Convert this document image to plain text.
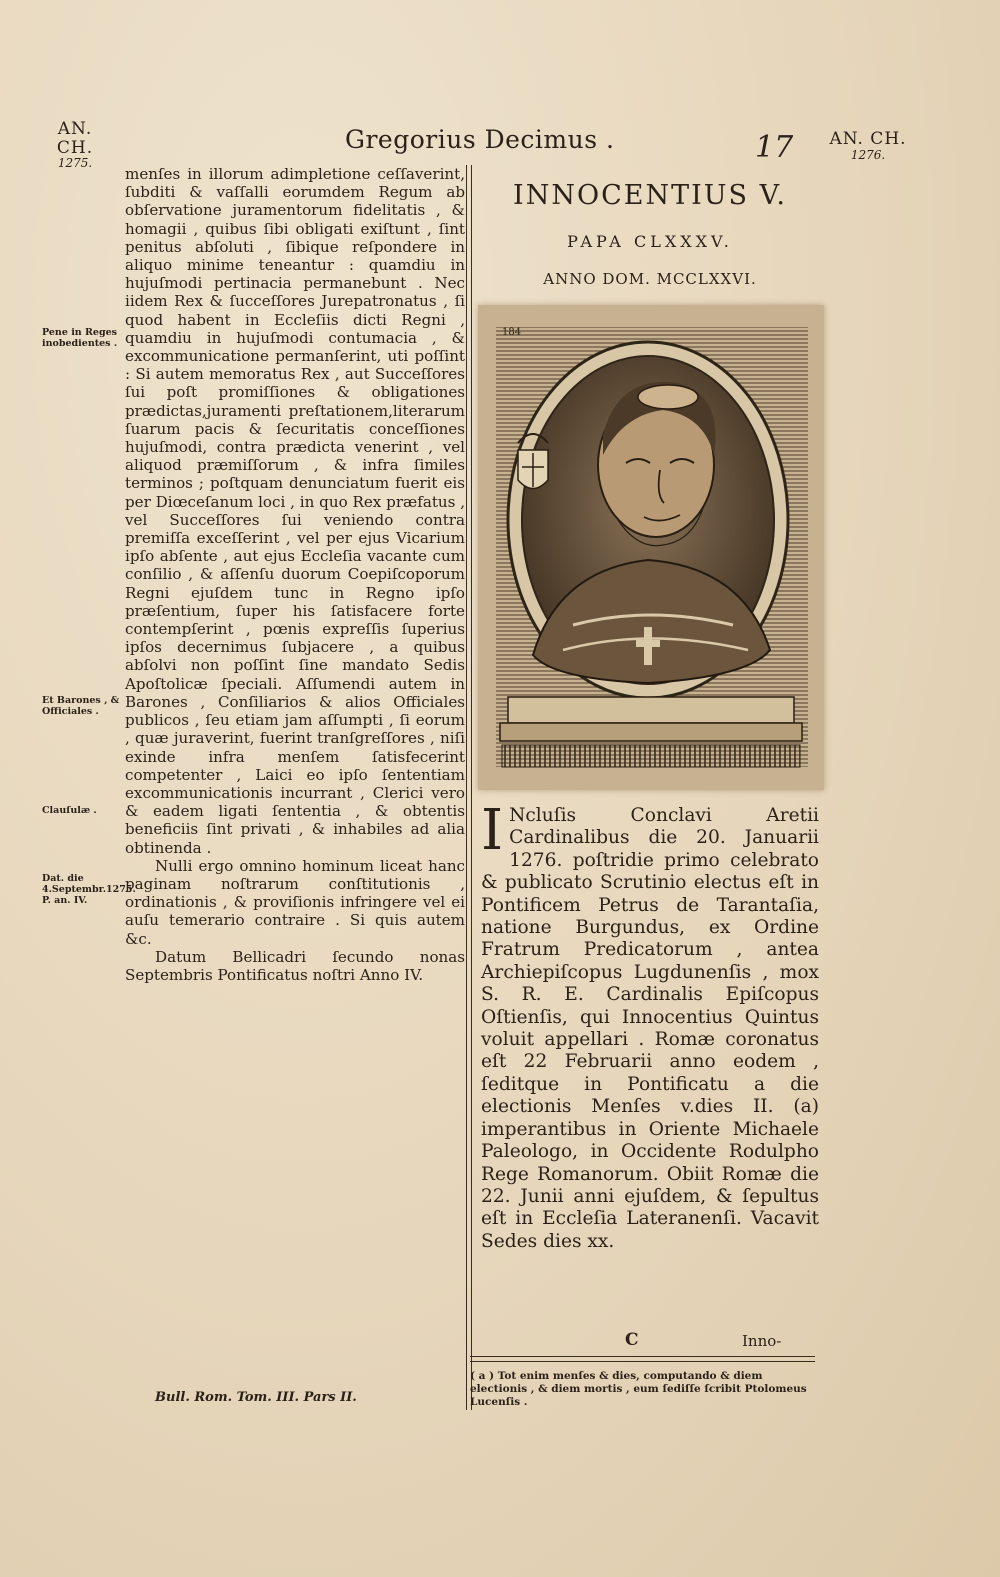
AN. CH.
1275.
Gregorius Decimus .	17 AN. CH.
1276.
Pene in Reges inobedientes .
Et Barones , & Officiales .
Clauſulæ .
Dat. die 4.Septembr.1275. P. an. IV.

menſes in illorum adimpletione ceſſaverint, ſubditi & vaſſalli eorumdem Regum ab obſervatione juramentorum fidelitatis , & homagii , quibus ſibi obligati exiſtunt , ſint penitus abſoluti , ſibique reſpondere in aliquo minime teneantur : quamdiu in hujuſmodi pertinacia permanebunt . Nec iidem Rex & ſucceſſores Jurepatronatus , ſi quod habent in Eccleſiis dicti Regni , quamdiu in hujuſmodi contumacia , & excommunicatione permanſerint, uti poſſint : Si autem memoratus Rex , aut Succeſſores ſui poſt promiſſiones & obligationes prædictas,juramenti preſtationem,literarum ſuarum pacis & ſecuritatis conceſſiones hujuſmodi, contra prædicta venerint , vel aliquod præmiſſorum , & infra ſimiles terminos ; poſtquam denunciatum fuerit eis per Diœceſanum loci , in quo Rex præfatus , vel Succeſſores ſui veniendo contra premiſſa exceſſerint , vel per ejus Vicarium ipſo abſente , aut ejus Eccleſia vacante cum conſilio , & aſſenſu duorum Coepiſcoporum Regni ejuſdem tunc in Regno ipſo præſentium, ſuper his ſatisfacere forte contempſerint , pœnis expreſſis ſuperius ipſos decernimus ſubjacere , a quibus abſolvi non poſſint ſine mandato Sedis Apoſtolicæ ſpeciali. Aſſumendi autem in Barones , Conſiliarios & alios Officiales publicos , ſeu etiam jam aſſumpti , ſi eorum , quæ juraverint, fuerint tranſgreſſores , niſi exinde infra menſem ſatisfecerint competenter , Laici eo ipſo ſententiam excommunicationis incurrant , Clerici vero & eadem ligati ſententia , & obtentis beneficiis ſint privati , & inhabiles ad alia obtinenda .

Nulli ergo omnino hominum liceat hanc paginam noſtrarum conſtitutionis , ordinationis , & proviſionis infringere vel ei auſu temerario contraire . Si quis autem &c.

Datum Bellicadri ſecundo nonas Septembris Pontificatus noſtri Anno IV.

INNOCENTIUS V.
PAPA CLXXXV.
ANNO DOM. MCCLXXVI.
184
I Ncluſis Conclavi Aretii Cardinalibus die 20. Januarii 1276. poſtridie primo celebrato & publicato Scrutinio electus eſt in Pontificem Petrus de Tarantaſia, natione Burgundus, ex Ordine Fratrum Predicatorum , antea Archiepiſcopus Lugdunenſis , mox S. R. E. Cardinalis Epiſcopus Oſtienſis, qui Innocentius Quintus voluit appellari . Romæ coronatus eſt 22 Februarii anno eodem , ſeditque in Pontificatu a die electionis Menſes v.dies II. (a) imperantibus in Oriente Michaele Paleologo, in Occidente Rodulpho Rege Romanorum. Obiit Romæ die 22. Junii anni ejuſdem, & ſepultus eſt in Eccleſia Lateranenſi. Vacavit Sedes dies xx.
C	Inno-
( a ) Tot enim menſes & dies, computando & diem electionis , & diem mortis , eum ſediſſe ſcribit Ptolomeus Lucenſis .
Bull. Rom. Tom. III. Pars II.
